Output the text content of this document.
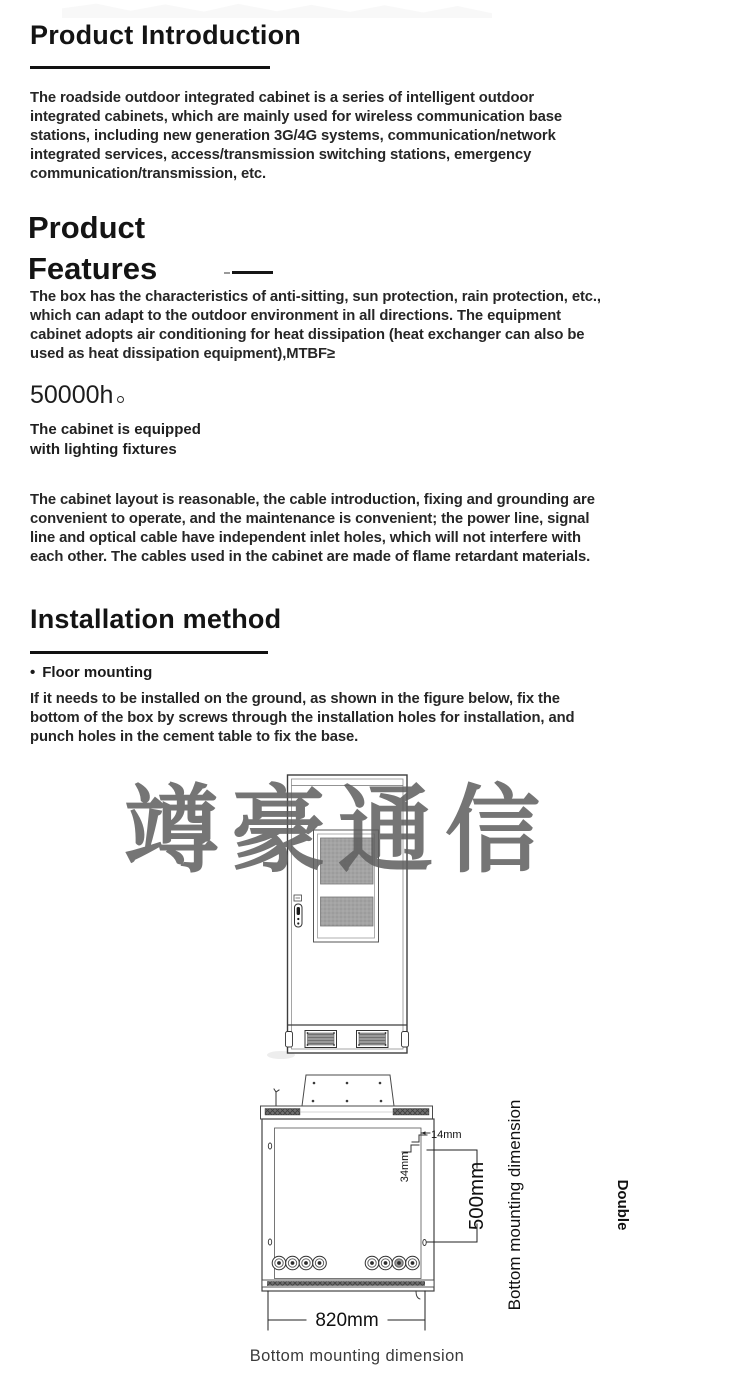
Product Introduction
The roadside outdoor integrated cabinet is a series of intelligent outdoor
integrated cabinets, which are mainly used for wireless communication base
stations, including new generation 3G/4G systems, communication/network
integrated services, access/transmission switching stations, emergency
communication/transmission, etc.
Product
Features
The box has the characteristics of anti-sitting, sun protection, rain protection, etc.,
which can adapt to the outdoor environment in all directions. The equipment
cabinet adopts air conditioning for heat dissipation (heat exchanger can also be
used as heat dissipation equipment),MTBF≥
50000h
The cabinet is equipped
with lighting fixtures
The cabinet layout is reasonable, the cable introduction, fixing and grounding are
convenient to operate, and the maintenance is convenient; the power line, signal
line and optical cable have independent inlet holes, which will not interfere with
each other. The cables used in the cabinet are made of flame retardant materials.
Installation method
• Floor mounting
If it needs to be installed on the ground, as shown in the figure below, fix the
bottom of the box by screws through the installation holes for installation, and
punch holes in the cement table to fix the base.
竴豪通信
14mm
34mm	500mm
820mm
Bottom mounting dimension	Double
Bottom mounting dimension
